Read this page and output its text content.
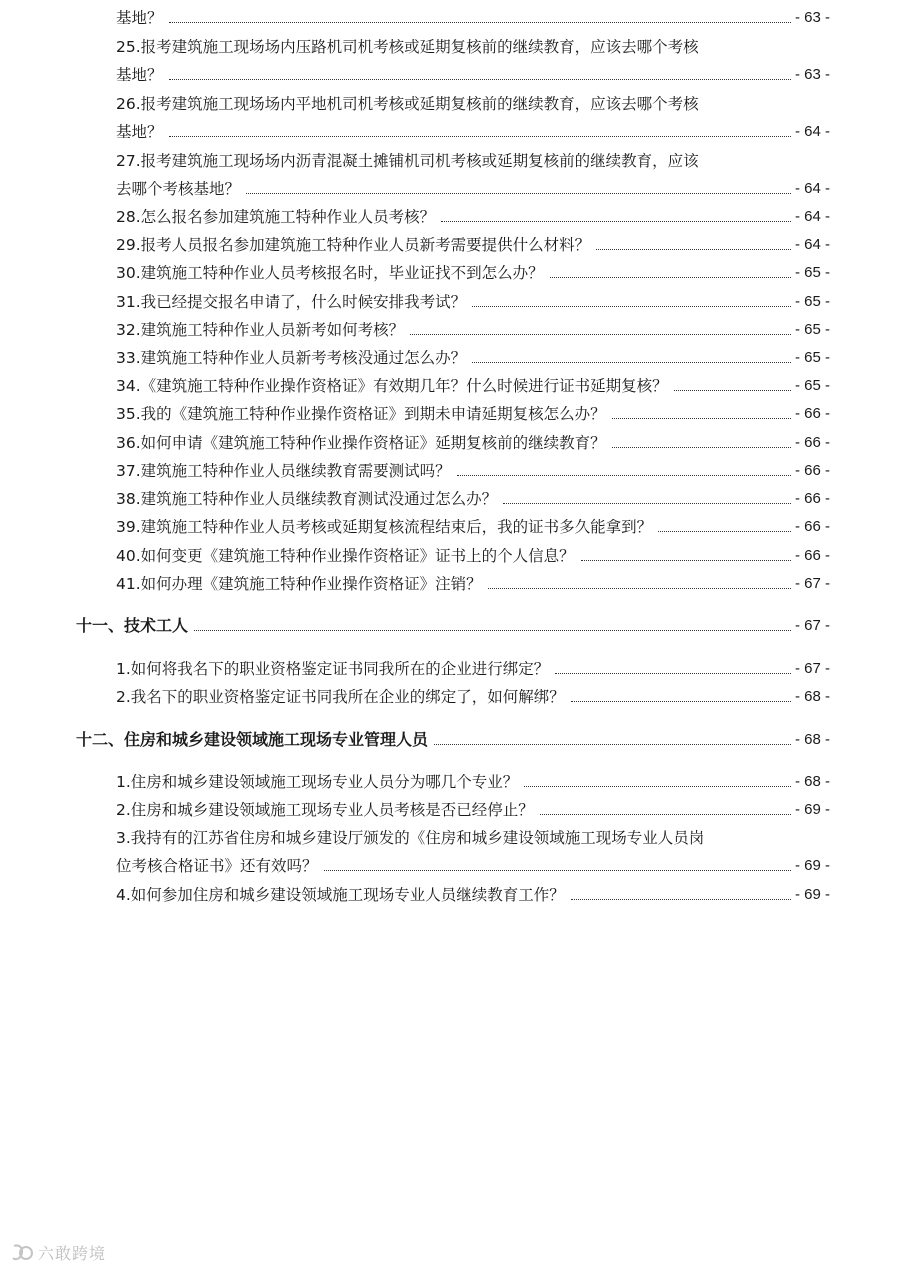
基地？	- 63 -
25.报考建筑施工现场场内压路机司机考核或延期复核前的继续教育，应该去哪个考核
基地？	- 63 -
26.报考建筑施工现场场内平地机司机考核或延期复核前的继续教育，应该去哪个考核
基地？	- 64 -
27.报考建筑施工现场场内沥青混凝土摊铺机司机考核或延期复核前的继续教育，应该
去哪个考核基地？	- 64 -
28.怎么报名参加建筑施工特种作业人员考核？	- 64 -
29.报考人员报名参加建筑施工特种作业人员新考需要提供什么材料？	- 64 -
30.建筑施工特种作业人员考核报名时，毕业证找不到怎么办？	- 65 -
31.我已经提交报名申请了，什么时候安排我考试？	- 65 -
32.建筑施工特种作业人员新考如何考核？	- 65 -
33.建筑施工特种作业人员新考考核没通过怎么办？	- 65 -
34.《建筑施工特种作业操作资格证》有效期几年？什么时候进行证书延期复核？	- 65 -
35.我的《建筑施工特种作业操作资格证》到期未申请延期复核怎么办？	- 66 -
36.如何申请《建筑施工特种作业操作资格证》延期复核前的继续教育？	- 66 -
37.建筑施工特种作业人员继续教育需要测试吗？	- 66 -
38.建筑施工特种作业人员继续教育测试没通过怎么办？	- 66 -
39.建筑施工特种作业人员考核或延期复核流程结束后，我的证书多久能拿到？	- 66 -
40.如何变更《建筑施工特种作业操作资格证》证书上的个人信息？	- 66 -
41.如何办理《建筑施工特种作业操作资格证》注销？	- 67 -
十一、技术工人	- 67 -
1.如何将我名下的职业资格鉴定证书同我所在的企业进行绑定？	- 67 -
2.我名下的职业资格鉴定证书同我所在企业的绑定了，如何解绑？	- 68 -
十二、住房和城乡建设领域施工现场专业管理人员	- 68 -
1.住房和城乡建设领域施工现场专业人员分为哪几个专业？	- 68 -
2.住房和城乡建设领域施工现场专业人员考核是否已经停止？	- 69 -
3.我持有的江苏省住房和城乡建设厅颁发的《住房和城乡建设领域施工现场专业人员岗
位考核合格证书》还有效吗？	- 69 -
4.如何参加住房和城乡建设领域施工现场专业人员继续教育工作？	- 69 -
六敢跨境
